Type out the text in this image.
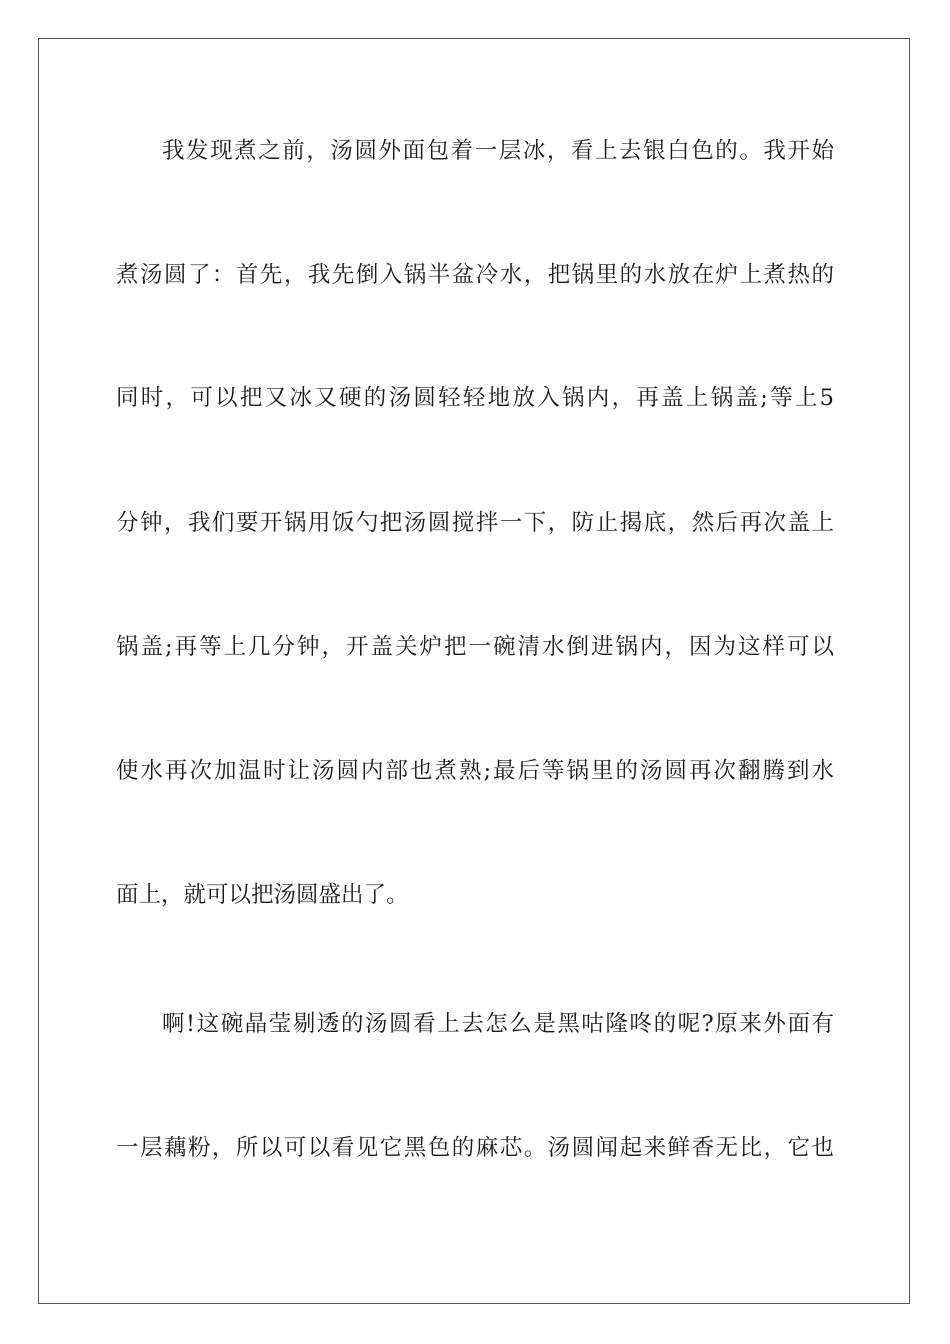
我发现煮之前，汤圆外面包着一层冰，看上去银白色的。我开始
煮汤圆了：首先，我先倒入锅半盆冷水，把锅里的水放在炉上煮热的
同时，可以把又冰又硬的汤圆轻轻地放入锅内，再盖上锅盖;等上5
分钟，我们要开锅用饭勺把汤圆搅拌一下，防止揭底，然后再次盖上
锅盖;再等上几分钟，开盖关炉把一碗清水倒进锅内，因为这样可以
使水再次加温时让汤圆内部也煮熟;最后等锅里的汤圆再次翻腾到水
面上，就可以把汤圆盛出了。
啊!这碗晶莹剔透的汤圆看上去怎么是黑咕隆咚的呢?原来外面有
一层藕粉，所以可以看见它黑色的麻芯。汤圆闻起来鲜香无比，它也
